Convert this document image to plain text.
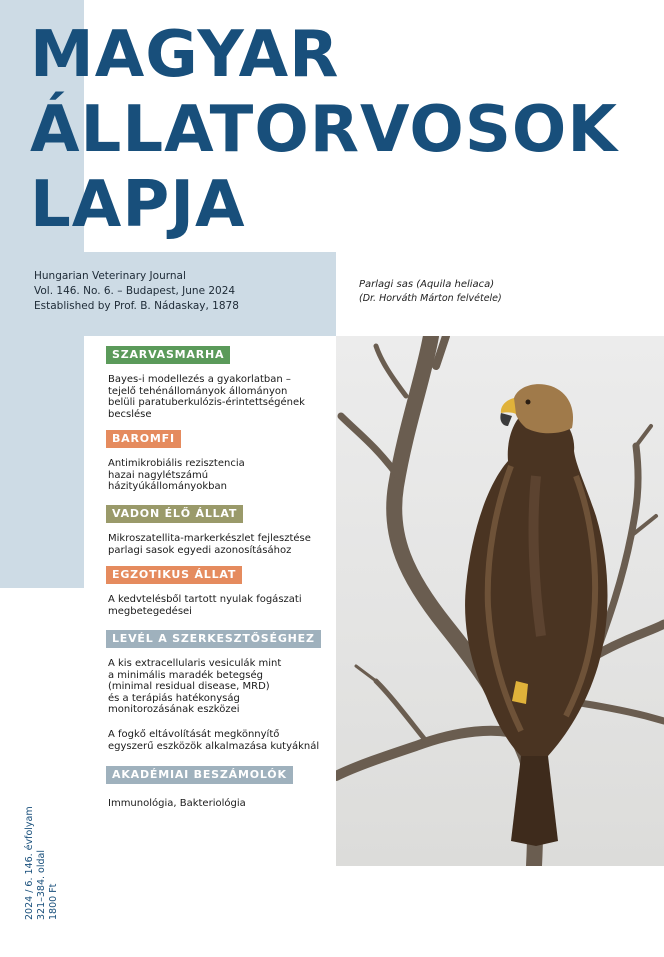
MAGYAR
ÁLLATORVOSOK
LAPJA
Hungarian Veterinary Journal
Vol. 146. No. 6. – Budapest, June 2024
Established by Prof. B. Nádaskay, 1878
Parlagi sas (Aquila heliaca)
(Dr. Horváth Márton felvétele)
SZARVASMARHA
Bayes-i modellezés a gyakorlatban –
tejelő tehénállományok állományon
belüli paratuberkulózis-érintettségének
becslése
BAROMFI
Antimikrobiális rezisztencia
hazai nagylétszámú
házityúkállományokban
VADON ÉLŐ ÁLLAT
Mikroszatellita-markerkészlet fejlesztése
parlagi sasok egyedi azonosításához
EGZOTIKUS ÁLLAT
A kedvtelésből tartott nyulak fogászati
megbetegedései
LEVÉL A SZERKESZTŐSÉGHEZ
A kis extracellularis vesiculák mint
a minimális maradék betegség
(minimal residual disease, MRD)
és a terápiás hatékonyság
monitorozásának eszközei
A fogkő eltávolítását megkönnyítő
egyszerű eszközök alkalmazása kutyáknál
AKADÉMIAI BESZÁMOLÓK
Immunológia, Bakteriológia
2024 / 6. 146. évfolyam 321–384. oldal 1800 Ft
